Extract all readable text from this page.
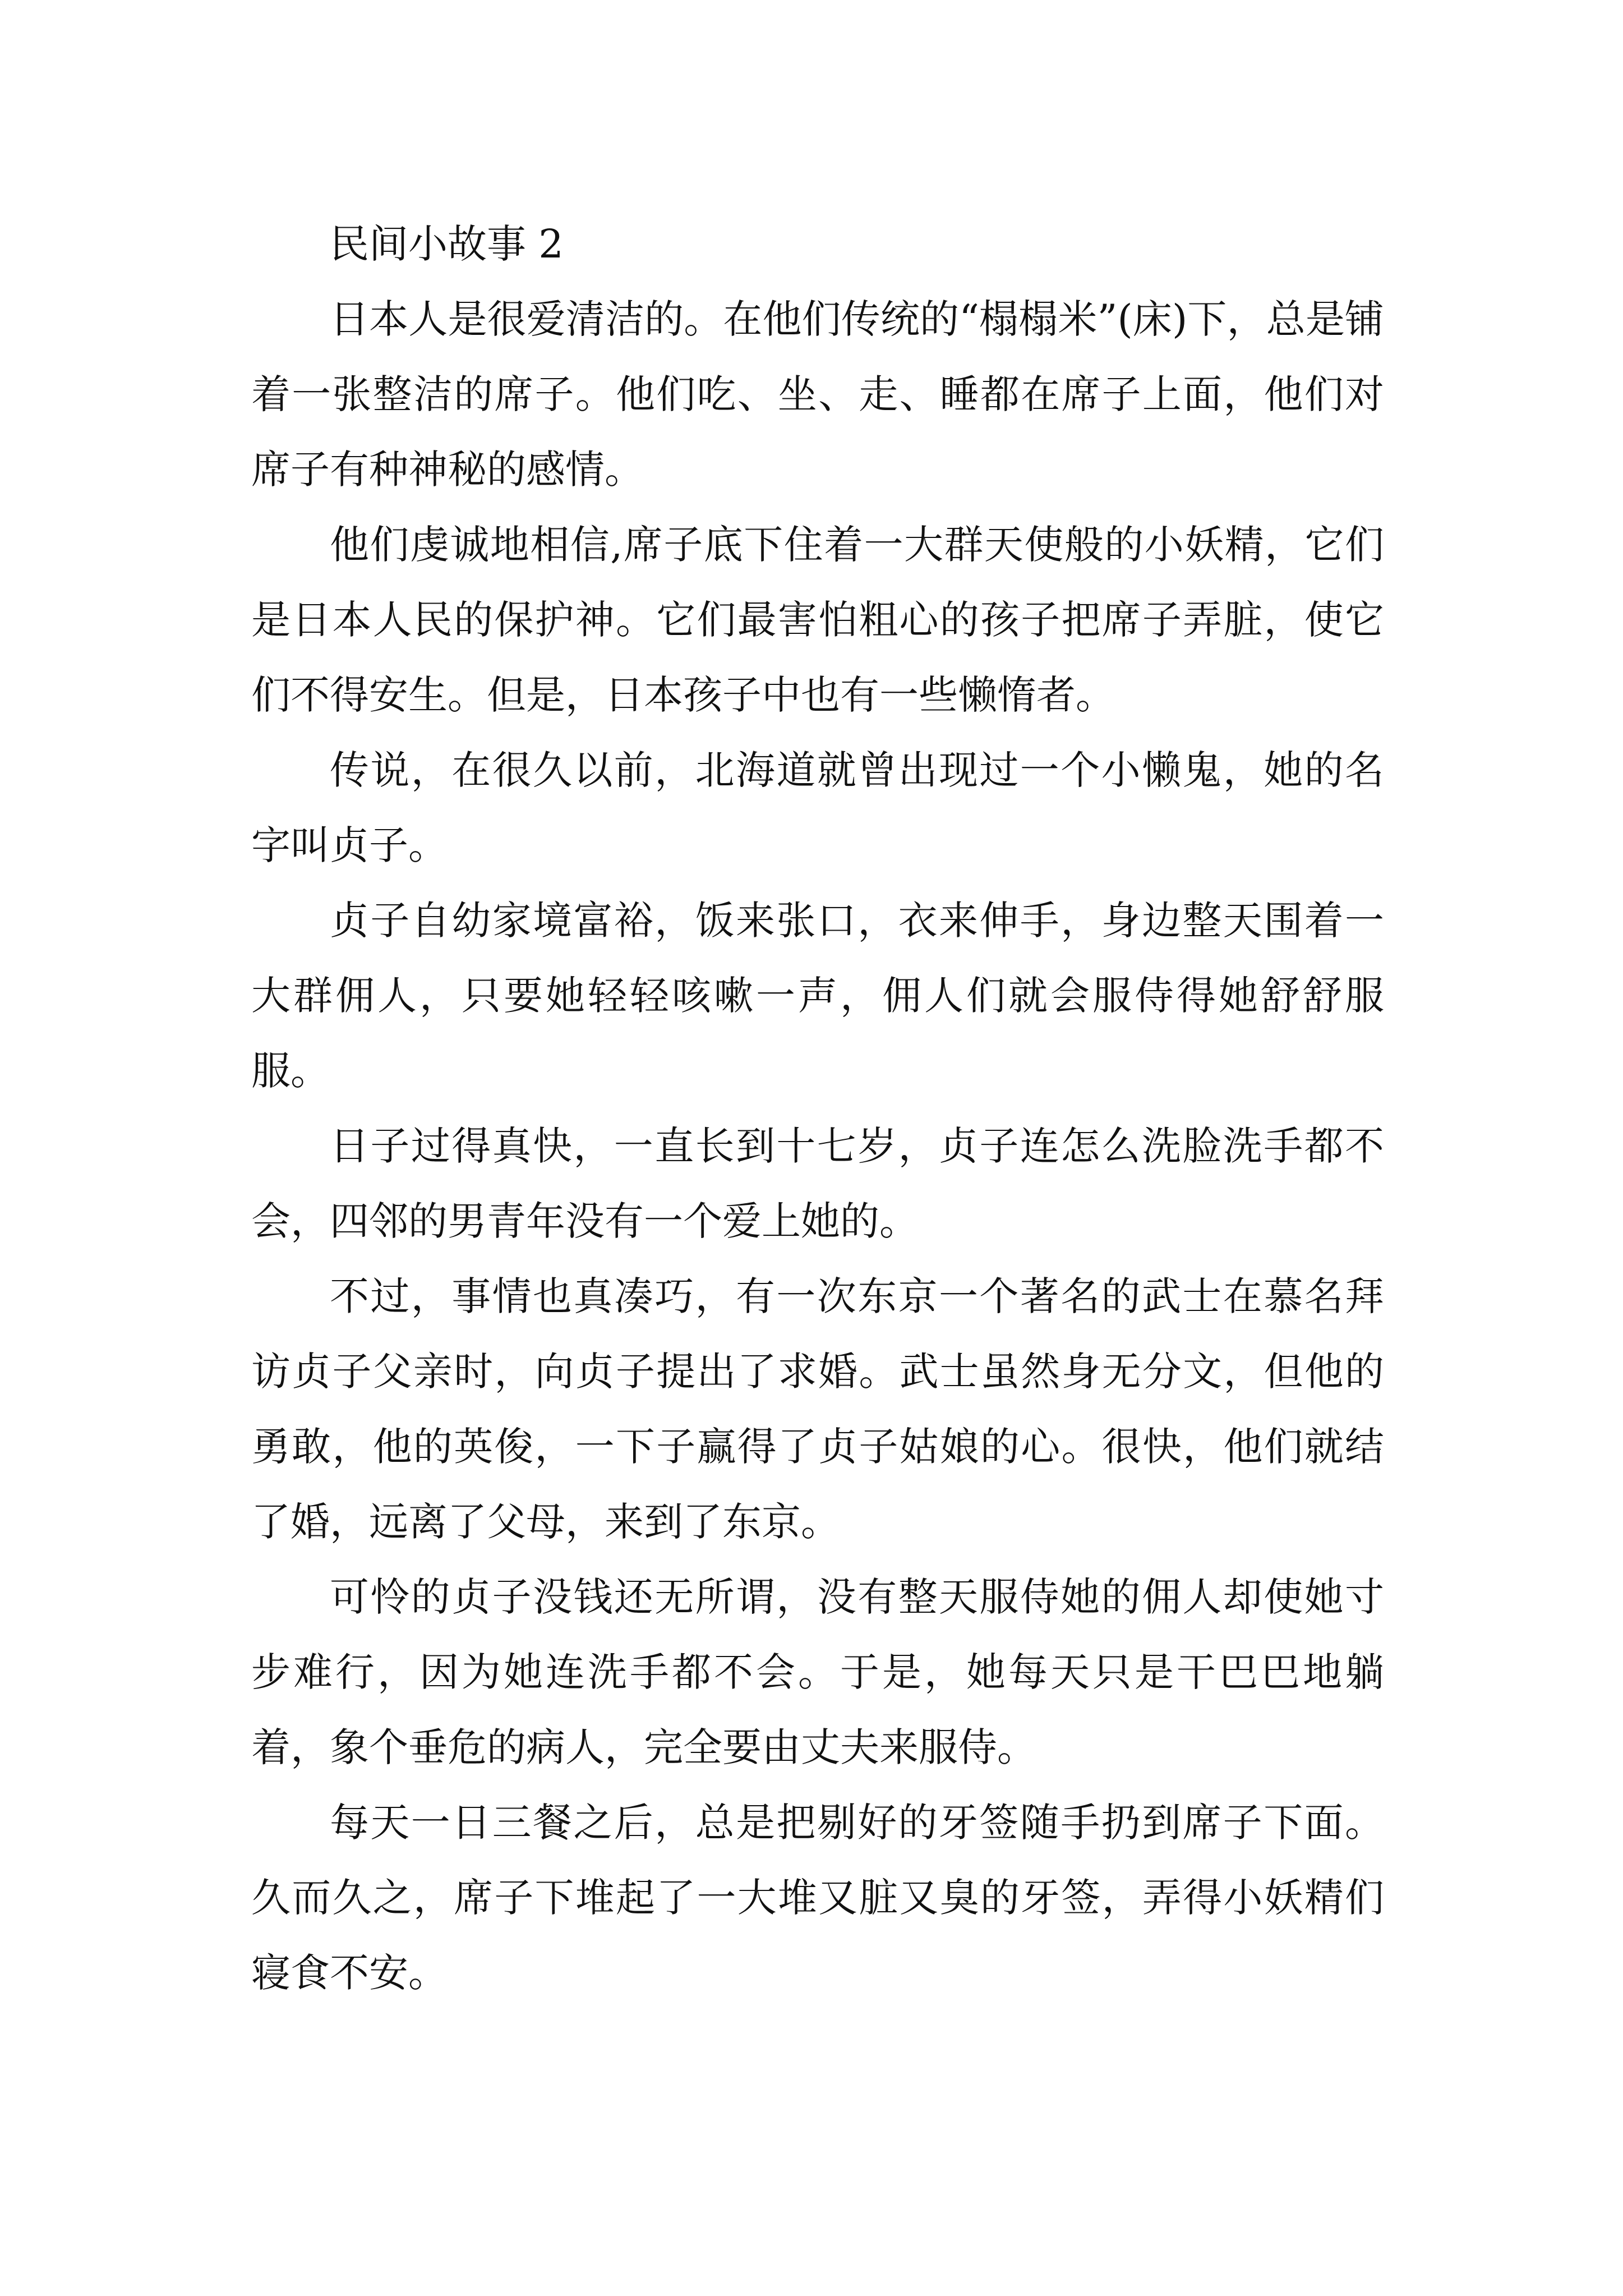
民间小故事 2

日本人是很爱清洁的。在他们传统的“榻榻米”(床)下，总是铺着一张整洁的席子。他们吃、坐、走、睡都在席子上面，他们对席子有种神秘的感情。

他们虔诚地相信,席子底下住着一大群天使般的小妖精，它们是日本人民的保护神。它们最害怕粗心的孩子把席子弄脏，使它们不得安生。但是，日本孩子中也有一些懒惰者。

传说，在很久以前，北海道就曾出现过一个小懒鬼，她的名字叫贞子。

贞子自幼家境富裕，饭来张口，衣来伸手，身边整天围着一大群佣人，只要她轻轻咳嗽一声，佣人们就会服侍得她舒舒服服。

日子过得真快，一直长到十七岁，贞子连怎么洗脸洗手都不会，四邻的男青年没有一个爱上她的。

不过，事情也真凑巧，有一次东京一个著名的武士在慕名拜访贞子父亲时，向贞子提出了求婚。武士虽然身无分文，但他的勇敢，他的英俊，一下子赢得了贞子姑娘的心。很快，他们就结了婚，远离了父母，来到了东京。

可怜的贞子没钱还无所谓，没有整天服侍她的佣人却使她寸步难行，因为她连洗手都不会。于是，她每天只是干巴巴地躺着，象个垂危的病人，完全要由丈夫来服侍。

每天一日三餐之后，总是把剔好的牙签随手扔到席子下面。久而久之，席子下堆起了一大堆又脏又臭的牙签，弄得小妖精们寝食不安。
